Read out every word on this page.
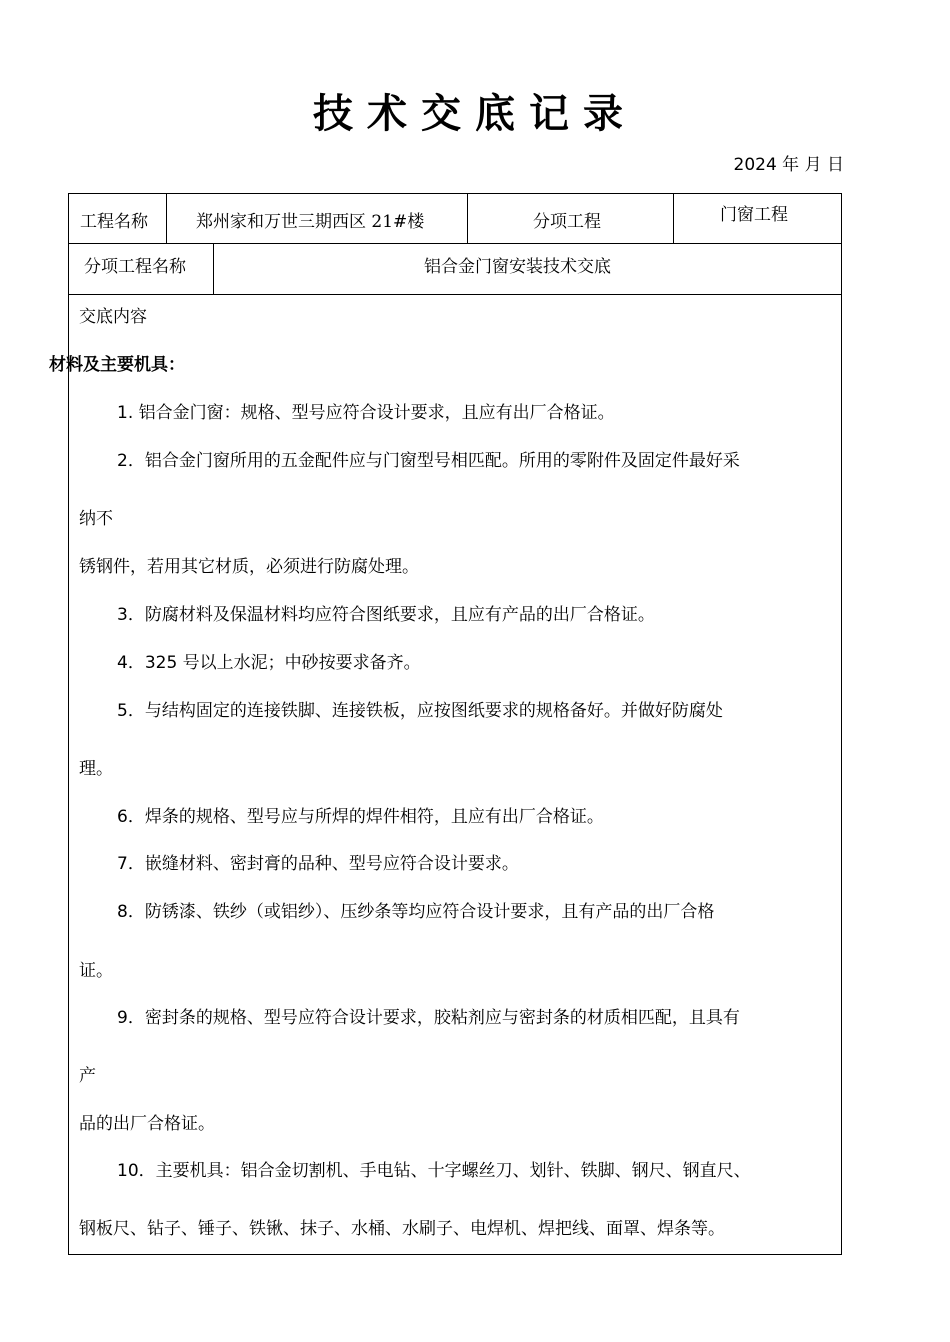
技术交底记录
2024 年 月 日
工程名称	郑州家和万世三期西区 21#楼	分项工程	门窗工程
分项工程名称	铝合金门窗安装技术交底
交底内容
材料及主要机具：
1. 铝合金门窗：规格、型号应符合设计要求，且应有出厂合格证。
2．铝合金门窗所用的五金配件应与门窗型号相匹配。所用的零附件及固定件最好采
纳不
锈钢件，若用其它材质，必须进行防腐处理。
3．防腐材料及保温材料均应符合图纸要求，且应有产品的出厂合格证。
4．325 号以上水泥；中砂按要求备齐。
5．与结构固定的连接铁脚、连接铁板，应按图纸要求的规格备好。并做好防腐处
理。
6．焊条的规格、型号应与所焊的焊件相符，且应有出厂合格证。
7．嵌缝材料、密封膏的品种、型号应符合设计要求。
8．防锈漆、铁纱（或铝纱）、压纱条等均应符合设计要求，且有产品的出厂合格
证。
9．密封条的规格、型号应符合设计要求，胶粘剂应与密封条的材质相匹配，且具有
产
品的出厂合格证。
10．主要机具：铝合金切割机、手电钻、十字螺丝刀、划针、铁脚、钢尺、钢直尺、
钢板尺、钻子、锤子、铁锹、抹子、水桶、水刷子、电焊机、焊把线、面罩、焊条等。
